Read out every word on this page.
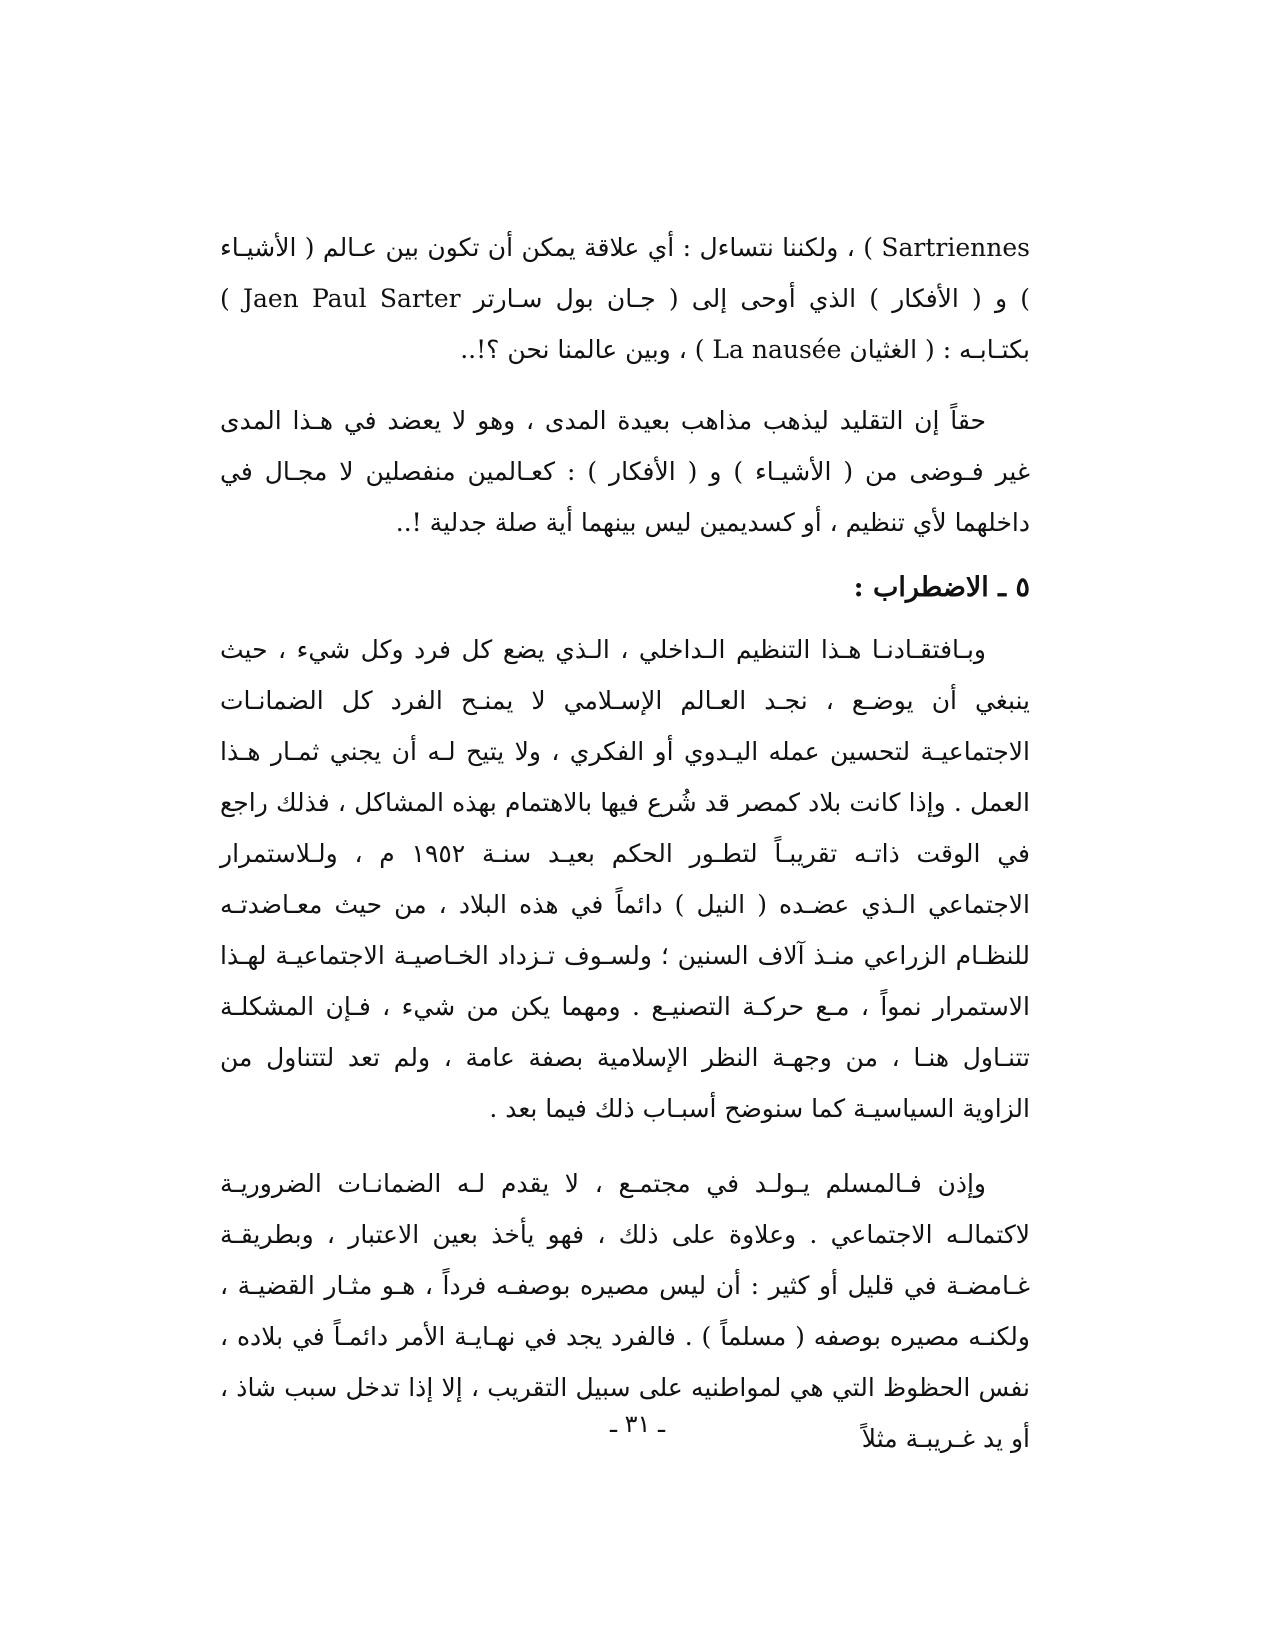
Sartriennes ) ، ولكننا نتساءل : أي علاقة يمكن أن تكون بين عـالم ( الأشيـاء ) و ( الأفكار ) الذي أوحى إلى ( جـان بول سـارتر Jaen Paul Sarter ) بكتـابـه : ( الغثيان La nausée ) ، وبين عالمنا نحن ؟!..

حقاً إن التقليد ليذهب مذاهب بعيدة المدى ، وهو لا يعضد في هـذا المدى غير فـوضى من ( الأشيـاء ) و ( الأفكار ) : كعـالمين منفصلين لا مجـال في داخلهما لأي تنظيم ، أو كسديمين ليس بينهما أية صلة جدلية !..

٥ ـ الاضطراب :

وبـافتقـادنـا هـذا التنظيم الـداخلي ، الـذي يضع كل فرد وكل شيء ، حيث ينبغي أن يوضـع ، نجـد العـالم الإسـلامي لا يمنـح الفرد كل الضمانـات الاجتماعيـة لتحسين عمله اليـدوي أو الفكري ، ولا يتيح لـه أن يجني ثمـار هـذا العمل . وإذا كانت بلاد كمصر قد شُرع فيها بالاهتمام بهذه المشاكل ، فذلك راجع في الوقت ذاتـه تقريبـاً لتطـور الحكم بعيـد سنـة ١٩٥٢ م ، ولـلاستمرار الاجتماعي الـذي عضـده ( النيل ) دائماً في هذه البلاد ، من حيث معـاضدتـه للنظـام الزراعي منـذ آلاف السنين ؛ ولسـوف تـزداد الخـاصيـة الاجتماعيـة لهـذا الاستمرار نمواً ، مـع حركـة التصنيـع . ومهما يكن من شيء ، فـإن المشكلـة تتنـاول هنـا ، من وجهـة النظر الإسلامية بصفة عامة ، ولم تعد لتتناول من الزاوية السياسيـة كما سنوضح أسبـاب ذلك فيما بعد .

وإذن فـالمسلم يـولـد في مجتمـع ، لا يقدم لـه الضمانـات الضروريـة لاكتمالـه الاجتماعي . وعلاوة على ذلك ، فهو يأخذ بعين الاعتبار ، وبطريقـة غـامضـة في قليل أو كثير : أن ليس مصيره بوصفـه فرداً ، هـو مثـار القضيـة ، ولكنـه مصيره بوصفه ( مسلماً ) . فالفرد يجد في نهـايـة الأمر دائمـاً في بلاده ، نفس الحظوظ التي هي لمواطنيه على سبيل التقريب ، إلا إذا تدخل سبب شاذ ، أو يد غـريبـة مثلاً

ـ ٣١ ـ
